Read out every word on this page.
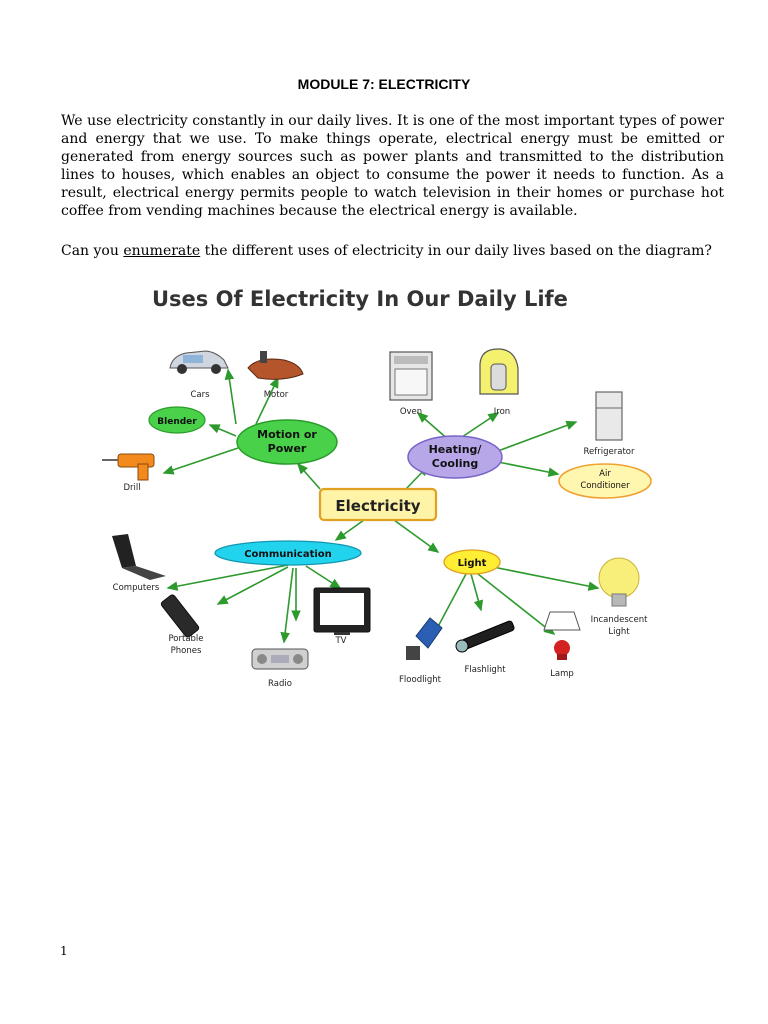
MODULE 7: ELECTRICITY

We use electricity constantly in our daily lives. It is one of the most important types of power and energy that we use. To make things operate, electrical energy must be emitted or generated from energy sources such as power plants and transmitted to the distribution lines to houses, which enables an object to consume the power it needs to function. As a result, electrical energy permits people to watch television in their homes or purchase hot coffee from vending machines because the electrical energy is available.

Can you enumerate the different uses of electricity in our daily lives based on the diagram?

Uses Of Electricity In Our Daily Life
Electricity
Motion or
Power
Blender
Heating/
Cooling
Air
Conditioner
Communication
Light
Cars	Motor
Drill
Oven	Iron
Refrigerator
Computers
Portable
Phones
Radio
TV
Floodlight
Flashlight	Lamp
Incandescent
Light
1
